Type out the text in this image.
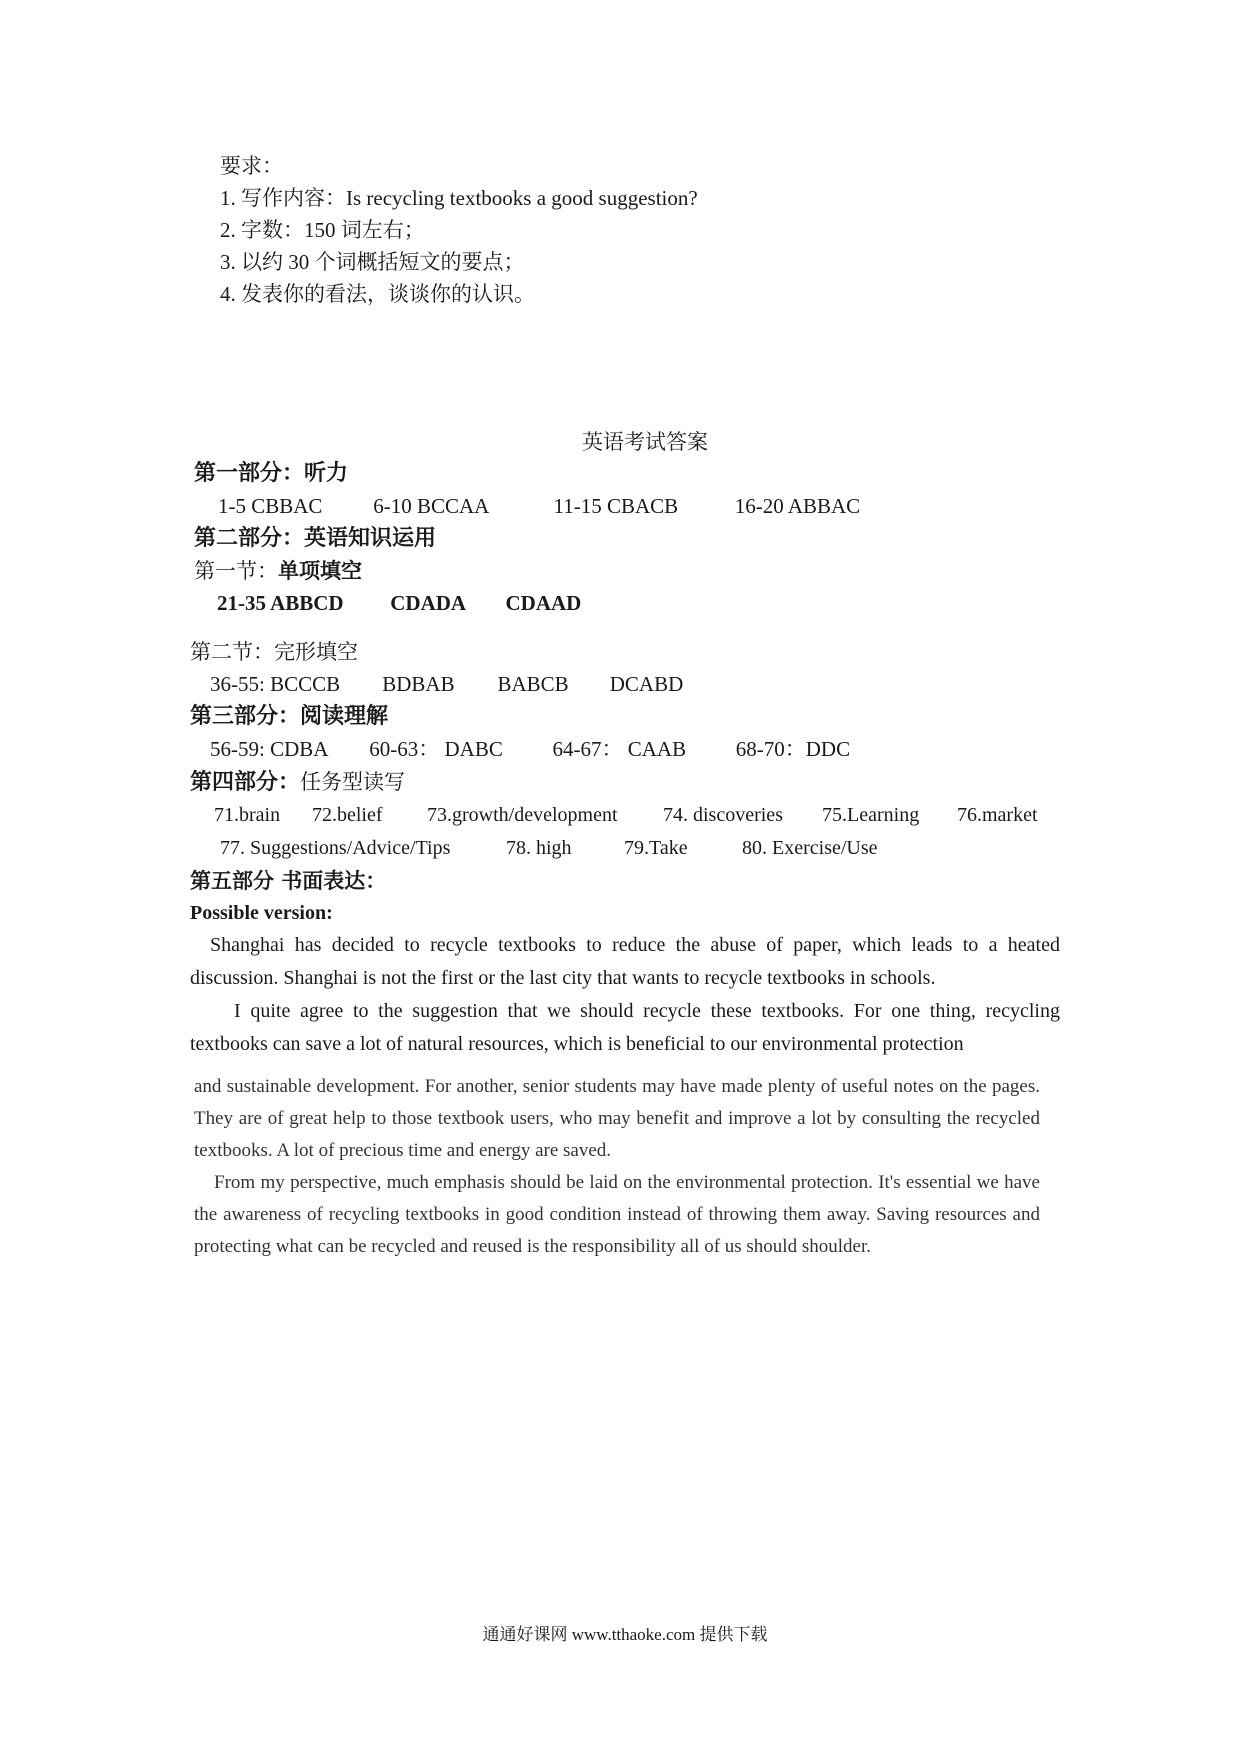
要求：
1. 写作内容：Is recycling textbooks a good suggestion?
2. 字数：150 词左右；
3. 以约 30 个词概括短文的要点；
4. 发表你的看法，谈谈你的认识。
英语考试答案
第一部分：听力
1-5 CBBAC 6-10 BCCAA	11-15 CBACB	16-20 ABBAC
第二部分：英语知识运用
第一节：单项填空
21-35 ABBCD CDADA CDAAD
第二节：完形填空
36-55: BCCCB BDBAB BABCB DCABD
第三部分：阅读理解
56-59: CDBA 60-63： DABC 64-67： CAAB 68-70：DDC
第四部分：任务型读写
71.brain 72.belief 73.growth/development 74. discoveries 75.Learning 76.market
77. Suggestions/Advice/Tips	78. high	79.Take	80. Exercise/Use
第五部分 书面表达：
Possible version:

Shanghai has decided to recycle textbooks to reduce the abuse of paper, which leads to a heated discussion. Shanghai is not the first or the last city that wants to recycle textbooks in schools.

I quite agree to the suggestion that we should recycle these textbooks. For one thing, recycling textbooks can save a lot of natural resources, which is beneficial to our environmental protection

and sustainable development. For another, senior students may have made plenty of useful notes on the pages. They are of great help to those textbook users, who may benefit and improve a lot by consulting the recycled textbooks. A lot of precious time and energy are saved.

From my perspective, much emphasis should be laid on the environmental protection. It's essential we have the awareness of recycling textbooks in good condition instead of throwing them away. Saving resources and protecting what can be recycled and reused is the responsibility all of us should shoulder.

通通好课网 www.tthaoke.com 提供下载
